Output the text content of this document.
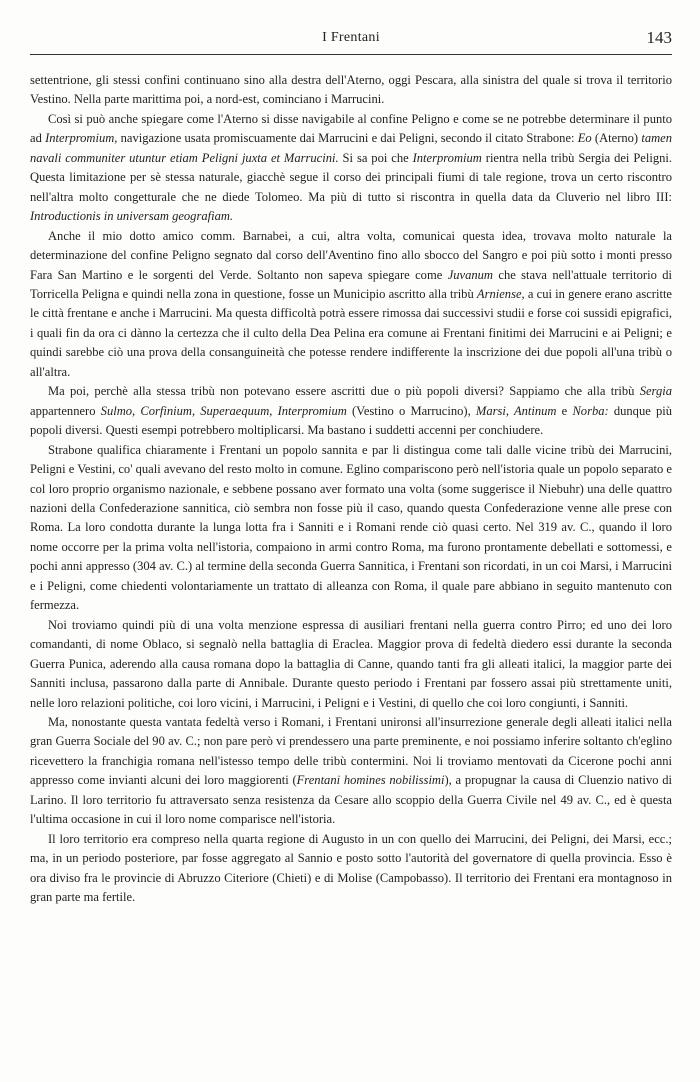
I Frentani	143

settentrione, gli stessi confini continuano sino alla destra dell'Aterno, oggi Pescara, alla sinistra del quale si trova il territorio Vestino. Nella parte marittima poi, a nord-est, cominciano i Marrucini.

Così si può anche spiegare come l'Aterno si disse navigabile al confine Peligno e come se ne potrebbe determinare il punto ad Interpromium, navigazione usata promiscuamente dai Marrucini e dai Peligni, secondo il citato Strabone: Eo (Aterno) tamen navali communiter utuntur etiam Peligni juxta et Marrucini. Si sa poi che Interpromium rientra nella tribù Sergia dei Peligni. Questa limitazione per sè stessa naturale, giacchè segue il corso dei principali fiumi di tale regione, trova un certo riscontro nell'altra molto congetturale che ne diede Tolomeo. Ma più di tutto si riscontra in quella data da Cluverio nel libro III: Introductionis in universam geografiam.

Anche il mio dotto amico comm. Barnabei, a cui, altra volta, comunicai questa idea, trovava molto naturale la determinazione del confine Peligno segnato dal corso dell'Aventino fino allo sbocco del Sangro e poi più sotto i monti presso Fara San Martino e le sorgenti del Verde. Soltanto non sapeva spiegare come Juvanum che stava nell'attuale territorio di Torricella Peligna e quindi nella zona in questione, fosse un Municipio ascritto alla tribù Arniense, a cui in genere erano ascritte le città frentane e anche i Marrucini. Ma questa difficoltà potrà essere rimossa dai successivi studii e forse coi sussidi epigrafici, i quali fin da ora ci dànno la certezza che il culto della Dea Pelina era comune ai Frentani finitimi dei Marrucini e ai Peligni; e quindi sarebbe ciò una prova della consanguineità che potesse rendere indifferente la inscrizione dei due popoli all'una tribù o all'altra.

Ma poi, perchè alla stessa tribù non potevano essere ascritti due o più popoli diversi? Sappiamo che alla tribù Sergia appartennero Sulmo, Corfinium, Superaequum, Interpromium (Vestino o Marrucino), Marsi, Antinum e Norba: dunque più popoli diversi. Questi esempi potrebbero moltiplicarsi. Ma bastano i suddetti accenni per conchiudere.

Strabone qualifica chiaramente i Frentani un popolo sannita e par li distingua come tali dalle vicine tribù dei Marrucini, Peligni e Vestini, co' quali avevano del resto molto in comune. Eglino compariscono però nell'istoria quale un popolo separato e col loro proprio organismo nazionale, e sebbene possano aver formato una volta (some suggerisce il Niebuhr) una delle quattro nazioni della Confederazione sannitica, ciò sembra non fosse più il caso, quando questa Confederazione venne alle prese con Roma. La loro condotta durante la lunga lotta fra i Sanniti e i Romani rende ciò quasi certo. Nel 319 av. C., quando il loro nome occorre per la prima volta nell'istoria, compaiono in armi contro Roma, ma furono prontamente debellati e sottomessi, e pochi anni appresso (304 av. C.) al termine della seconda Guerra Sannitica, i Frentani son ricordati, in un coi Marsi, i Marrucini e i Peligni, come chiedenti volontariamente un trattato di alleanza con Roma, il quale pare abbiano in seguito mantenuto con fermezza.

Noi troviamo quindi più di una volta menzione espressa di ausiliari frentani nella guerra contro Pirro; ed uno dei loro comandanti, di nome Oblaco, si segnalò nella battaglia di Eraclea. Maggior prova di fedeltà diedero essi durante la seconda Guerra Punica, aderendo alla causa romana dopo la battaglia di Canne, quando tanti fra gli alleati italici, la maggior parte dei Sanniti inclusa, passarono dalla parte di Annibale. Durante questo periodo i Frentani par fossero assai più strettamente uniti, nelle loro relazioni politiche, coi loro vicini, i Marrucini, i Peligni e i Vestini, di quello che coi loro congiunti, i Sanniti.

Ma, nonostante questa vantata fedeltà verso i Romani, i Frentani unironsi all'insurrezione generale degli alleati italici nella gran Guerra Sociale del 90 av. C.; non pare però vi prendessero una parte preminente, e noi possiamo inferire soltanto ch'eglino ricevettero la franchigia romana nell'istesso tempo delle tribù contermini. Noi li troviamo mentovati da Cicerone pochi anni appresso come invianti alcuni dei loro maggiorenti (Frentani homines nobilissimi), a propugnar la causa di Cluenzio nativo di Larino. Il loro territorio fu attraversato senza resistenza da Cesare allo scoppio della Guerra Civile nel 49 av. C., ed è questa l'ultima occasione in cui il loro nome comparisce nell'istoria.

Il loro territorio era compreso nella quarta regione di Augusto in un con quello dei Marrucini, dei Peligni, dei Marsi, ecc.; ma, in un periodo posteriore, par fosse aggregato al Sannio e posto sotto l'autorità del governatore di quella provincia. Esso è ora diviso fra le provincie di Abruzzo Citeriore (Chieti) e di Molise (Campobasso). Il territorio dei Frentani era montagnoso in gran parte ma fertile.
